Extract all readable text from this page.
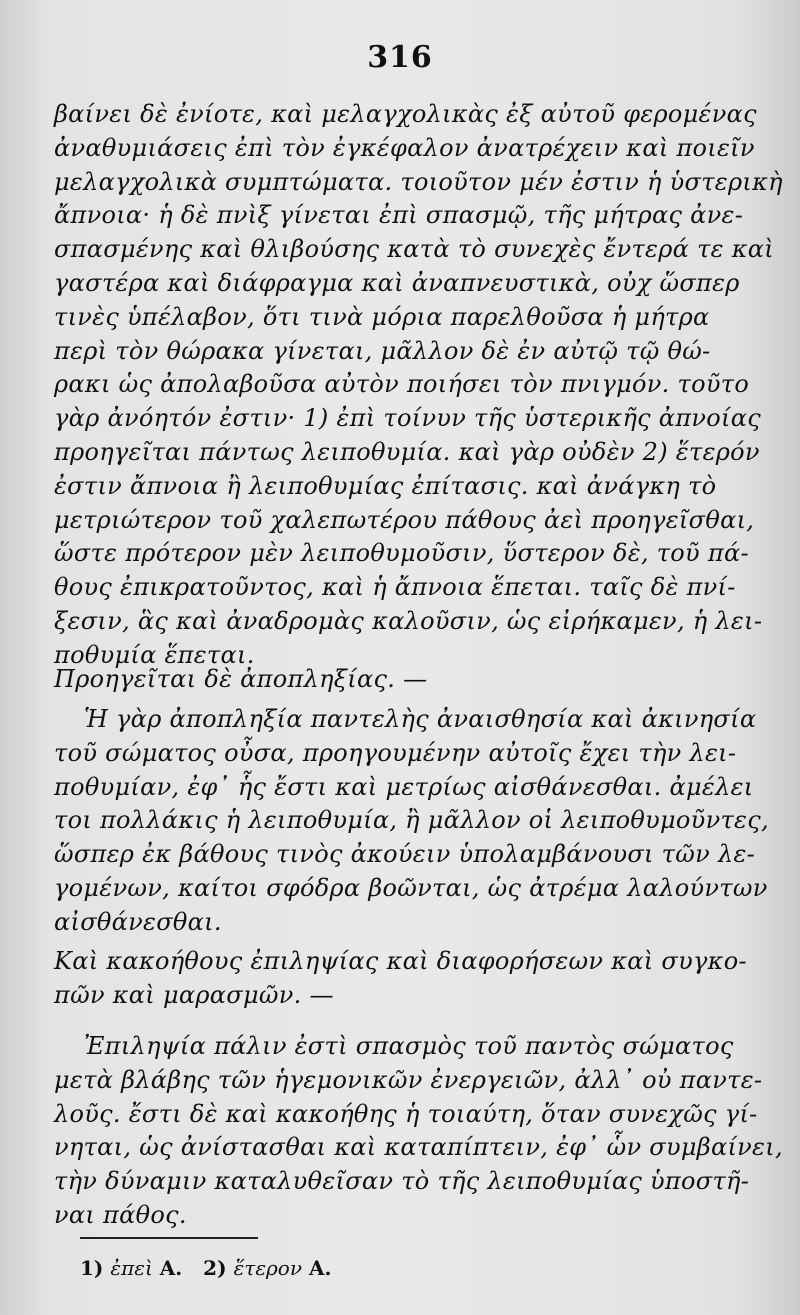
316
βαίνει δὲ ἐνίοτε, καὶ μελαγχολικὰς ἐξ αὐτοῦ φερομένας
ἀναθυμιάσεις ἐπὶ τὸν ἐγκέφαλον ἀνατρέχειν καὶ ποιεῖν
μελαγχολικὰ συμπτώματα. τοιοῦτον μέν ἐστιν ἡ ὑστερικὴ
ἄπνοια· ἡ δὲ πνὶξ γίνεται ἐπὶ σπασμῷ, τῆς μήτρας ἀνε-
σπασμένης καὶ θλιβούσης κατὰ τὸ συνεχὲς ἔντερά τε καὶ
γαστέρα καὶ διάφραγμα καὶ ἀναπνευστικὰ, οὐχ ὥσπερ
τινὲς ὑπέλαβον, ὅτι τινὰ μόρια παρελθοῦσα ἡ μήτρα
περὶ τὸν θώρακα γίνεται, μᾶλλον δὲ ἐν αὐτῷ τῷ θώ-
ρακι ὡς ἀπολαβοῦσα αὐτὸν ποιήσει τὸν πνιγμόν. τοῦτο
γὰρ ἀνόητόν ἐστιν· 1) ἐπὶ τοίνυν τῆς ὑστερικῆς ἀπνοίας
προηγεῖται πάντως λειποθυμία. καὶ γὰρ οὐδὲν 2) ἕτερόν
ἐστιν ἄπνοια ἢ λειποθυμίας ἐπίτασις. καὶ ἀνάγκη τὸ
μετριώτερον τοῦ χαλεπωτέρου πάθους ἀεὶ προηγεῖσθαι,
ὥστε πρότερον μὲν λειποθυμοῦσιν, ὕστερον δὲ, τοῦ πά-
θους ἐπικρατοῦντος, καὶ ἡ ἄπνοια ἕπεται. ταῖς δὲ πνί-
ξεσιν, ἃς καὶ ἀναδρομὰς καλοῦσιν, ὡς εἰρήκαμεν, ἡ λει-
ποθυμία ἕπεται.
Προηγεῖται δὲ ἀποπληξίας. —
Ἡ γὰρ ἀποπληξία παντελὴς ἀναισθησία καὶ ἀκινησία
τοῦ σώματος οὖσα, προηγουμένην αὐτοῖς ἔχει τὴν λει-
ποθυμίαν, ἐφ᾽ ἧς ἔστι καὶ μετρίως αἰσθάνεσθαι. ἀμέλει
τοι πολλάκις ἡ λειποθυμία, ἢ μᾶλλον οἱ λειποθυμοῦντες,
ὥσπερ ἐκ βάθους τινὸς ἀκούειν ὑπολαμβάνουσι τῶν λε-
γομένων, καίτοι σφόδρα βοῶνται, ὡς ἀτρέμα λαλούντων
αἰσθάνεσθαι.
Καὶ κακοήθους ἐπιληψίας καὶ διαφορήσεων καὶ συγκο-
πῶν καὶ μαρασμῶν. —
Ἐπιληψία πάλιν ἐστὶ σπασμὸς τοῦ παντὸς σώματος
μετὰ βλάβης τῶν ἡγεμονικῶν ἐνεργειῶν, ἀλλ᾽ οὐ παντε-
λοῦς. ἔστι δὲ καὶ κακοήθης ἡ τοιαύτη, ὅταν συνεχῶς γί-
νηται, ὡς ἀνίστασθαι καὶ καταπίπτειν, ἐφ᾽ ὧν συμβαίνει,
τὴν δύναμιν καταλυθεῖσαν τὸ τῆς λειποθυμίας ὑποστῆ-
ναι πάθος.
1) ἐπεὶ A. 2) ἕτερον A.
